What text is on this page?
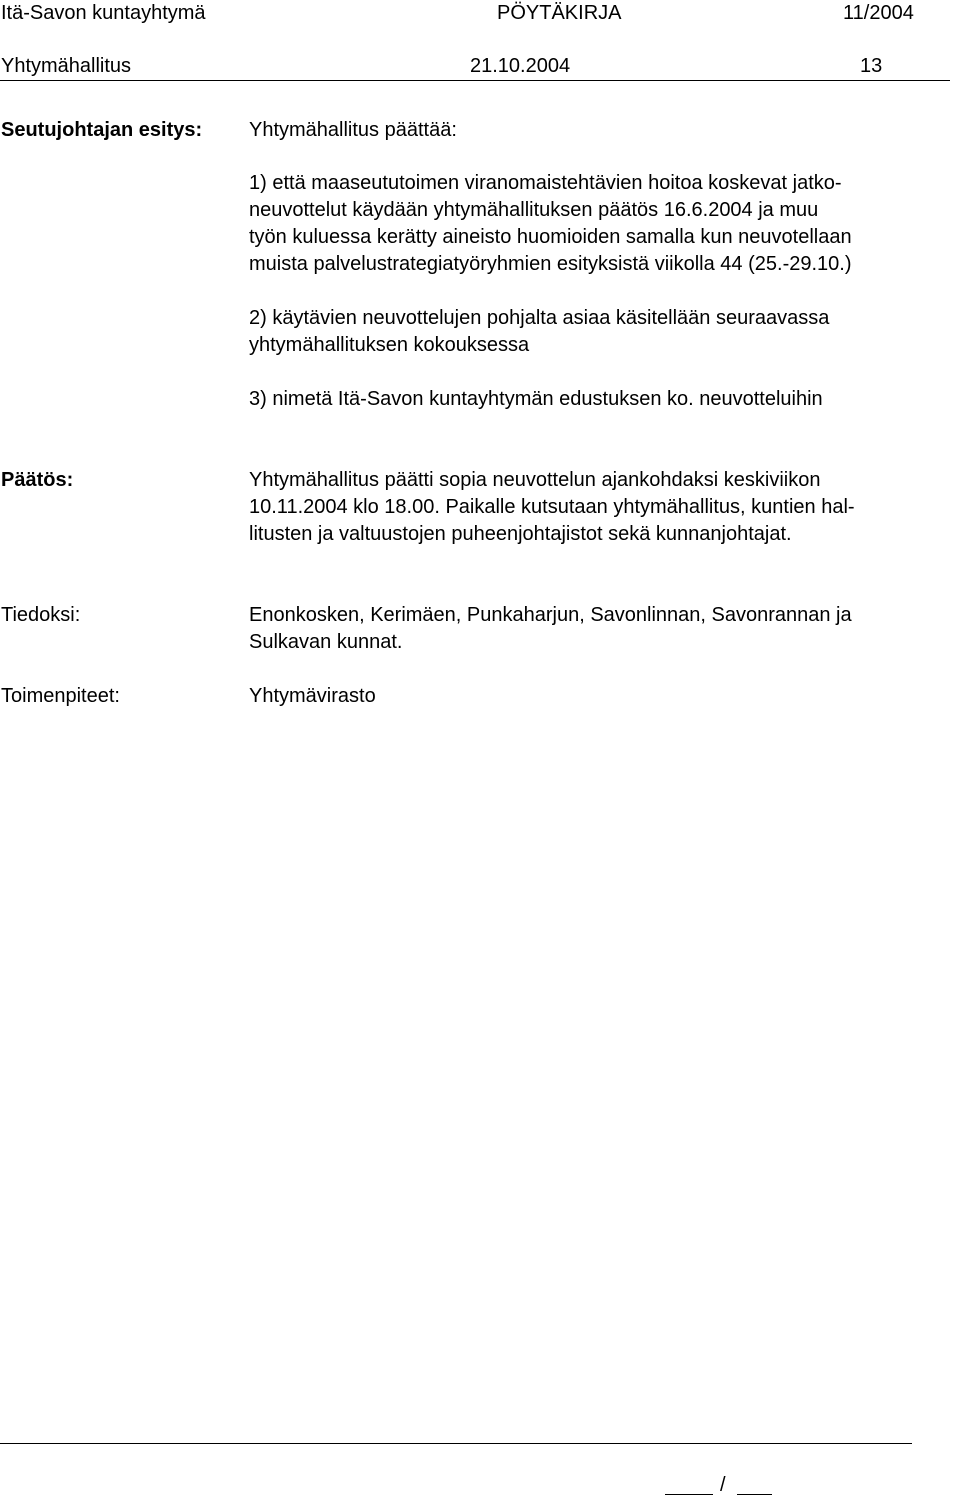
Itä-Savon kuntayhtymä	PÖYTÄKIRJA	11/2004
Yhtymähallitus	21.10.2004	13
Seutujohtajan esitys: Yhtymähallitus päättää:
1) että maaseututoimen viranomaistehtävien hoitoa koskevat jatko-
neuvottelut käydään yhtymähallituksen päätös 16.6.2004 ja muu
työn kuluessa kerätty aineisto huomioiden samalla kun neuvotellaan
muista palvelustrategiatyöryhmien esityksistä viikolla 44 (25.-29.10.)
2) käytävien neuvottelujen pohjalta asiaa käsitellään seuraavassa
yhtymähallituksen kokouksessa
3) nimetä Itä-Savon kuntayhtymän edustuksen ko. neuvotteluihin
Päätös:	Yhtymähallitus päätti sopia neuvottelun ajankohdaksi keskiviikon
10.11.2004 klo 18.00. Paikalle kutsutaan yhtymähallitus, kuntien hal-
litusten ja valtuustojen puheenjohtajistot sekä kunnanjohtajat.
Tiedoksi:	Enonkosken, Kerimäen, Punkaharjun, Savonlinnan, Savonrannan ja
Sulkavan kunnat.
Toimenpiteet:	Yhtymävirasto
/
